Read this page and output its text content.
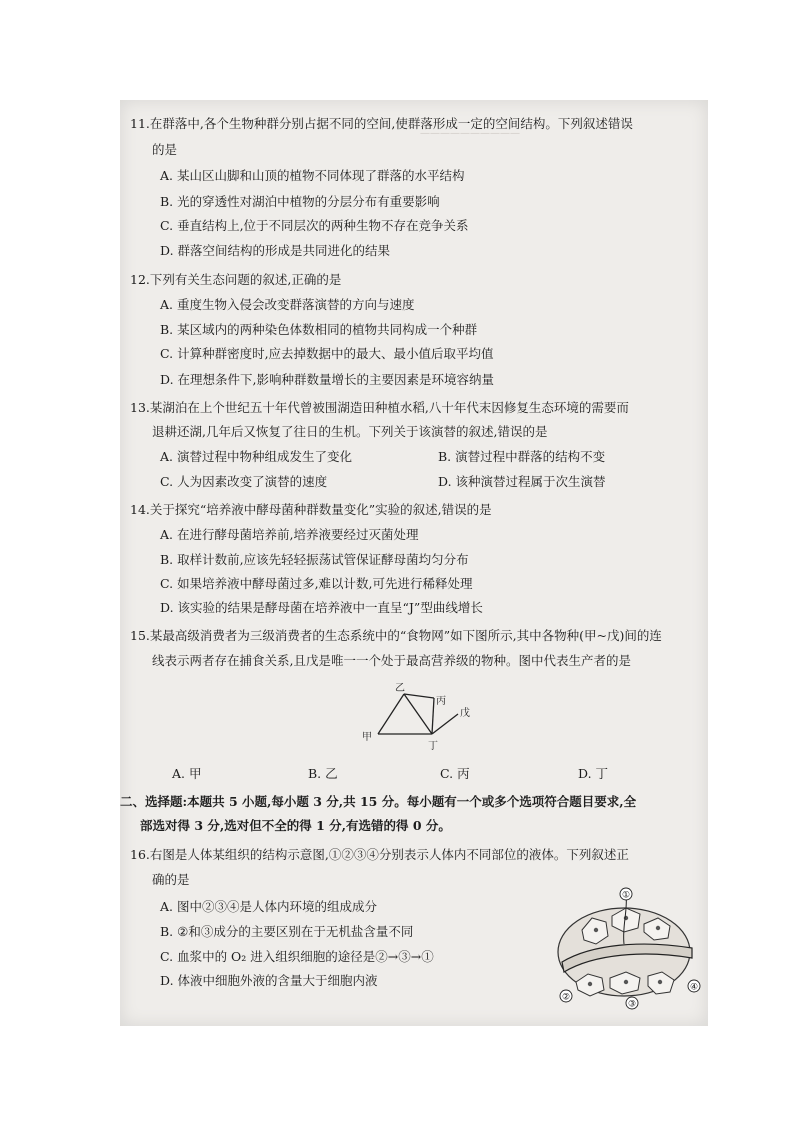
——————————
11.在群落中,各个生物种群分别占据不同的空间,使群落形成一定的空间结构。下列叙述错误
的是
A. 某山区山脚和山顶的植物不同体现了群落的水平结构
B. 光的穿透性对湖泊中植物的分层分布有重要影响
C. 垂直结构上,位于不同层次的两种生物不存在竞争关系
D. 群落空间结构的形成是共同进化的结果
12.下列有关生态问题的叙述,正确的是
A. 重度生物入侵会改变群落演替的方向与速度
B. 某区域内的两种染色体数相同的植物共同构成一个种群
C. 计算种群密度时,应去掉数据中的最大、最小值后取平均值
D. 在理想条件下,影响种群数量增长的主要因素是环境容纳量
13.某湖泊在上个世纪五十年代曾被围湖造田种植水稻,八十年代末因修复生态环境的需要而
退耕还湖,几年后又恢复了往日的生机。下列关于该演替的叙述,错误的是
A. 演替过程中物种组成发生了变化	B. 演替过程中群落的结构不变
C. 人为因素改变了演替的速度	D. 该种演替过程属于次生演替
14.关于探究“培养液中酵母菌种群数量变化”实验的叙述,错误的是
A. 在进行酵母菌培养前,培养液要经过灭菌处理
B. 取样计数前,应该先轻轻振荡试管保证酵母菌均匀分布
C. 如果培养液中酵母菌过多,难以计数,可先进行稀释处理
D. 该实验的结果是酵母菌在培养液中一直呈“J”型曲线增长
15.某最高级消费者为三级消费者的生态系统中的“食物网”如下图所示,其中各物种(甲~戊)间的连
线表示两者存在捕食关系,且戊是唯一一个处于最高营养级的物种。图中代表生产者的是
甲
乙
丙
丁
戊
A. 甲	B. 乙	C. 丙	D. 丁
二、选择题:本题共 5 小题,每小题 3 分,共 15 分。每小题有一个或多个选项符合题目要求,全
部选对得 3 分,选对但不全的得 1 分,有选错的得 0 分。
16.右图是人体某组织的结构示意图,①②③④分别表示人体内不同部位的液体。下列叙述正
确的是
A. 图中②③④是人体内环境的组成成分
B. ②和③成分的主要区别在于无机盐含量不同
C. 血浆中的 O₂ 进入组织细胞的途径是②→③→①
D. 体液中细胞外液的含量大于细胞内液
①
②
③
④
